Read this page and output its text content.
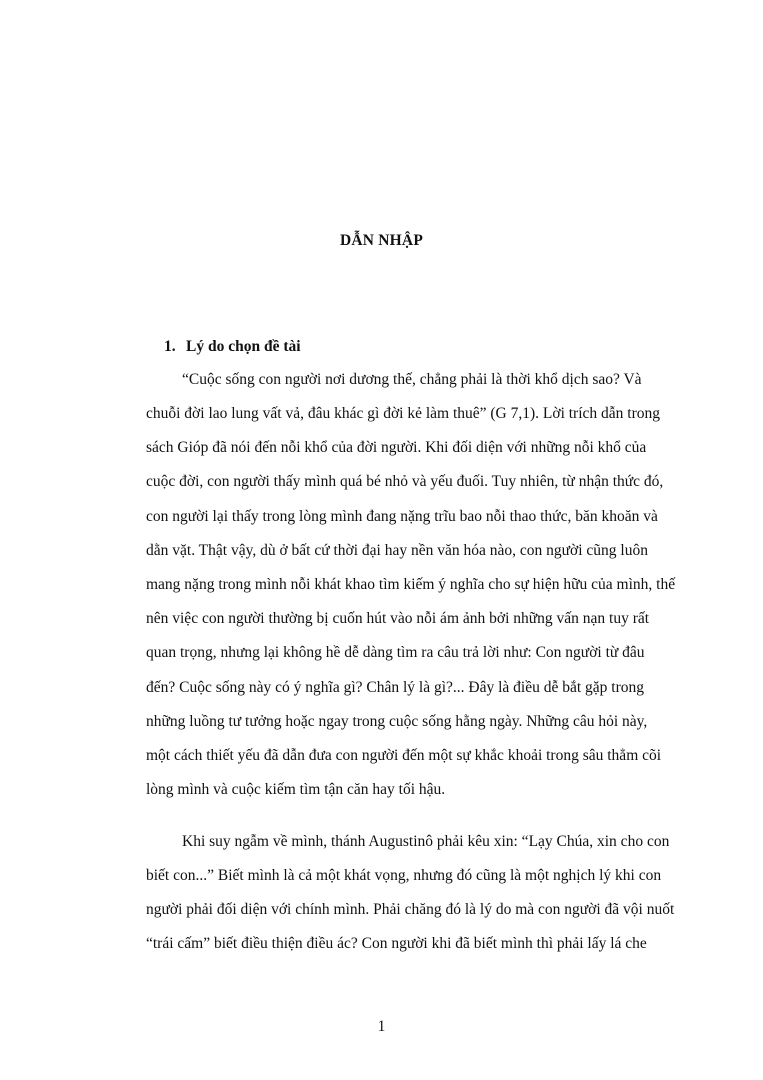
DẪN NHẬP
1. Lý do chọn đề tài
“Cuộc sống con người nơi dương thế, chẳng phải là thời khổ dịch sao? Và
chuỗi đời lao lung vất vả, đâu khác gì đời kẻ làm thuê” (G 7,1). Lời trích dẫn trong
sách Gióp đã nói đến nỗi khổ của đời người. Khi đối diện với những nỗi khổ của
cuộc đời, con người thấy mình quá bé nhỏ và yếu đuối. Tuy nhiên, từ nhận thức đó,
con người lại thấy trong lòng mình đang nặng trĩu bao nỗi thao thức, băn khoăn và
dằn vặt. Thật vậy, dù ở bất cứ thời đại hay nền văn hóa nào, con người cũng luôn
mang nặng trong mình nỗi khát khao tìm kiếm ý nghĩa cho sự hiện hữu của mình, thế
nên việc con người thường bị cuốn hút vào nỗi ám ảnh bởi những vấn nạn tuy rất
quan trọng, nhưng lại không hề dễ dàng tìm ra câu trả lời như: Con người từ đâu
đến? Cuộc sống này có ý nghĩa gì? Chân lý là gì?... Đây là điều dễ bắt gặp trong
những luồng tư tưởng hoặc ngay trong cuộc sống hằng ngày. Những câu hỏi này,
một cách thiết yếu đã dẫn đưa con người đến một sự khắc khoải trong sâu thẳm cõi
lòng mình và cuộc kiếm tìm tận căn hay tối hậu.
Khi suy ngẫm về mình, thánh Augustinô phải kêu xin: “Lạy Chúa, xin cho con
biết con...” Biết mình là cả một khát vọng, nhưng đó cũng là một nghịch lý khi con
người phải đối diện với chính mình. Phải chăng đó là lý do mà con người đã vội nuốt
“trái cấm” biết điều thiện điều ác? Con người khi đã biết mình thì phải lấy lá che
1
